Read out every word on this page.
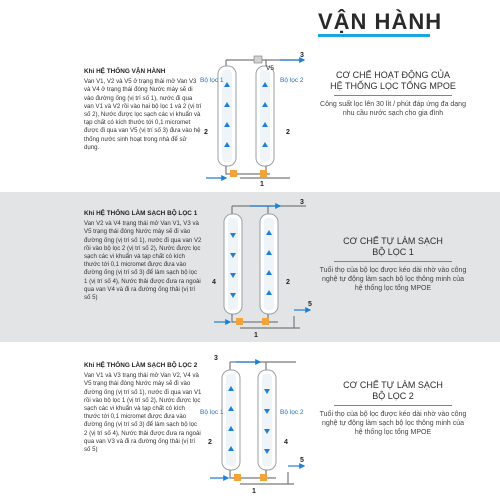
VẬN HÀNH
Khi HỆ THỐNG VẬN HÀNH
Van V1, V2 và V5 ở trạng thái mở Van V3 và V4 ở trạng thái đóng Nước máy sẽ di vào đường ống (vị trí số 1), nước đi qua van V1 và V2 rồi vào hai bộ lọc 1 và 2 (vị trí số 2), Nước được lọc sạch các vi khuẩn và tạp chất có kích thước tới 0,1 micromet được đi qua van V5 (vị trí số 3) đưa vào hệ thống nước sinh hoạt trong nhà để sử dụng.
Bộ lọc 1	Bộ lọc 2
3
2	2
1
V5
CƠ CHẾ HOẠT ĐỘNG CỦA
HỆ THỐNG LỌC TỔNG MPOE
Công suất lọc lên 30 lít / phút đáp ứng đa dạng nhu cầu nước sạch cho gia đình
Khi HỆ THỐNG LÀM SẠCH BỘ LỌC 1
Van V2 và V4 trạng thái mở Van V1, V3 và V5 trạng thái đóng Nước máy sẽ đi vào đường ống (vị trí số 1), nước đi qua van V2 rồi vào bộ lọc 2 (vị trí số 2), Nước được lọc sạch các vi khuẩn và tạp chất có kích thước tới 0,1 micromet được đưa vào đường ống (vị trí số 3) để làm sạch bộ lọc 1 (vị trí số 4), Nước thải được đưa ra ngoài qua van V4 và đi ra đường ống thải (vị trí số 5)
3
4	2
5
1
CƠ CHẾ TỰ LÀM SẠCH
BỘ LỌC 1
Tuổi thọ của bộ lọc được kéo dài nhờ vào công nghệ tự động làm sạch bộ lọc thông minh của hệ thống lọc tổng MPOE
Khi HỆ THỐNG LÀM SẠCH BỘ LỌC 2
Van V1 và V3 trạng thái mở Van V2, V4 và V5 trạng thái đóng Nước máy sẽ đi vào đường ống (vị trí số 1), nước đi qua van V1 rồi vào bộ lọc 1 (vị trí số 2), Nước được lọc sạch các vi khuẩn và tạp chất có kích thước tới 0,1 micromet được đưa vào đường ống (vị trí số 3) để làm sạch bộ lọc 2 (vị trí số 4), Nước thải được đưa ra ngoài qua van V3 và đi ra đường ống thải (vị trí số 5)
Bộ lọc 1	Bộ lọc 2
3
2	4
5
1
CƠ CHẾ TỰ LÀM SẠCH
BỘ LỌC 2
Tuổi thọ của bộ lọc được kéo dài nhờ vào công nghệ tự động làm sạch bộ lọc thông minh của hệ thống lọc tổng MPOE
